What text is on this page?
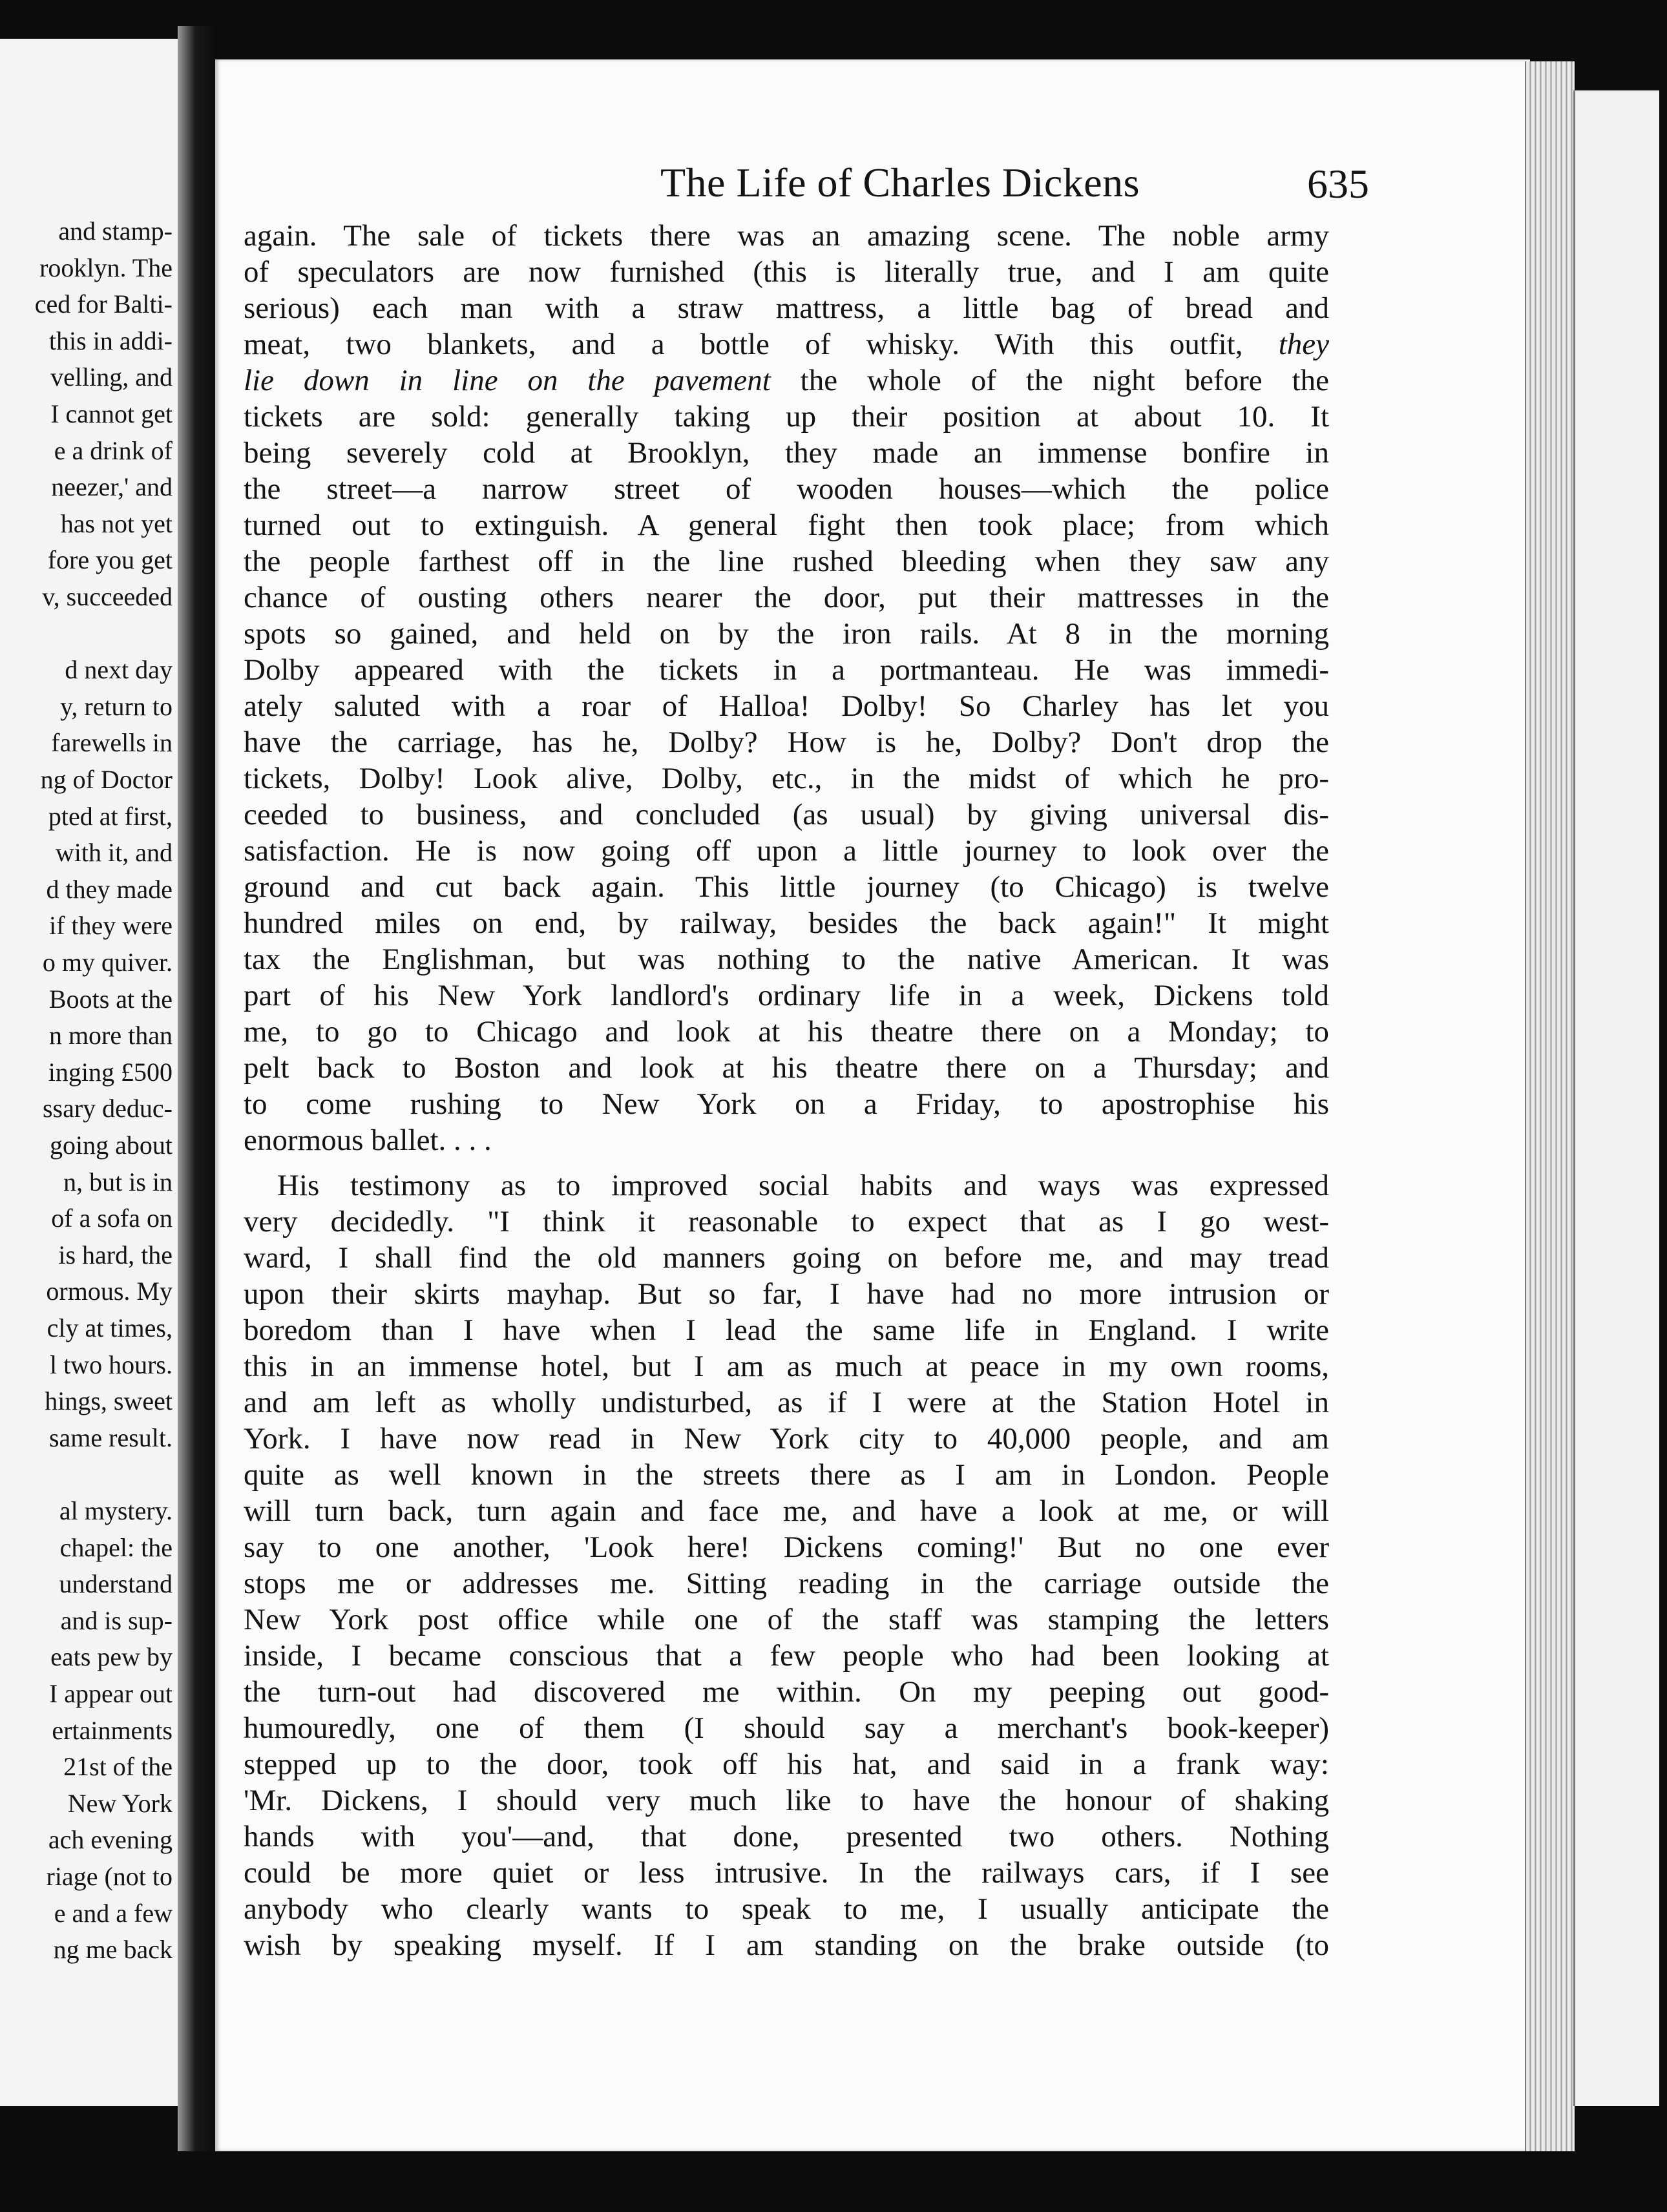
and stamp-
rooklyn. The
ced for Balti-
this in addi-
velling, and
I cannot get
e a drink of
neezer,' and
has not yet
fore you get
v, succeeded
d next day
y, return to
farewells in
ng of Doctor
pted at first,
with it, and
d they made
if they were
o my quiver.
Boots at the
n more than
inging £500
ssary deduc-
going about
n, but is in
of a sofa on
is hard, the
ormous. My
cly at times,
l two hours.
hings, sweet
same result.
al mystery.
chapel: the
understand
and is sup-
eats pew by
I appear out
ertainments
21st of the
New York
ach evening
riage (not to
e and a few
ng me back
The Life of Charles Dickens	635
again. The sale of tickets there was an amazing scene. The noble army
of speculators are now furnished (this is literally true, and I am quite
serious) each man with a straw mattress, a little bag of bread and
meat, two blankets, and a bottle of whisky. With this outfit, they
lie down in line on the pavement the whole of the night before the
tickets are sold: generally taking up their position at about 10. It
being severely cold at Brooklyn, they made an immense bonfire in
the street—a narrow street of wooden houses—which the police
turned out to extinguish. A general fight then took place; from which
the people farthest off in the line rushed bleeding when they saw any
chance of ousting others nearer the door, put their mattresses in the
spots so gained, and held on by the iron rails. At 8 in the morning
Dolby appeared with the tickets in a portmanteau. He was immedi-
ately saluted with a roar of Halloa! Dolby! So Charley has let you
have the carriage, has he, Dolby? How is he, Dolby? Don't drop the
tickets, Dolby! Look alive, Dolby, etc., in the midst of which he pro-
ceeded to business, and concluded (as usual) by giving universal dis-
satisfaction. He is now going off upon a little journey to look over the
ground and cut back again. This little journey (to Chicago) is twelve
hundred miles on end, by railway, besides the back again!" It might
tax the Englishman, but was nothing to the native American. It was
part of his New York landlord's ordinary life in a week, Dickens told
me, to go to Chicago and look at his theatre there on a Monday; to
pelt back to Boston and look at his theatre there on a Thursday; and
to come rushing to New York on a Friday, to apostrophise his
enormous ballet. . . .
His testimony as to improved social habits and ways was expressed
very decidedly. "I think it reasonable to expect that as I go west-
ward, I shall find the old manners going on before me, and may tread
upon their skirts mayhap. But so far, I have had no more intrusion or
boredom than I have when I lead the same life in England. I write
this in an immense hotel, but I am as much at peace in my own rooms,
and am left as wholly undisturbed, as if I were at the Station Hotel in
York. I have now read in New York city to 40,000 people, and am
quite as well known in the streets there as I am in London. People
will turn back, turn again and face me, and have a look at me, or will
say to one another, 'Look here! Dickens coming!' But no one ever
stops me or addresses me. Sitting reading in the carriage outside the
New York post office while one of the staff was stamping the letters
inside, I became conscious that a few people who had been looking at
the turn-out had discovered me within. On my peeping out good-
humouredly, one of them (I should say a merchant's book-keeper)
stepped up to the door, took off his hat, and said in a frank way:
'Mr. Dickens, I should very much like to have the honour of shaking
hands with you'—and, that done, presented two others. Nothing
could be more quiet or less intrusive. In the railways cars, if I see
anybody who clearly wants to speak to me, I usually anticipate the
wish by speaking myself. If I am standing on the brake outside (to
